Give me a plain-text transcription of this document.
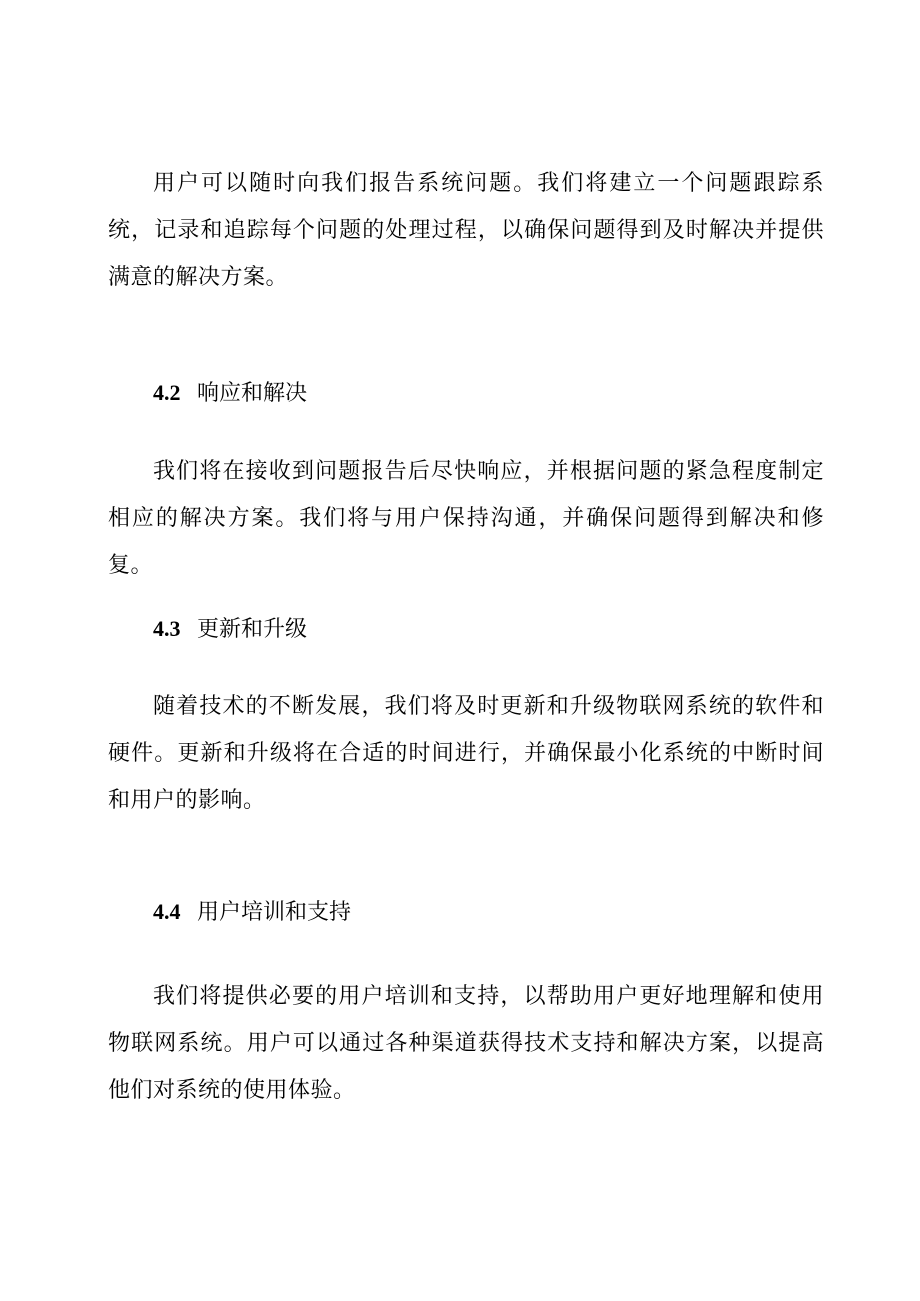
用户可以随时向我们报告系统问题。我们将建立一个问题跟踪系统，记录和追踪每个问题的处理过程，以确保问题得到及时解决并提供满意的解决方案。

4.2 响应和解决

我们将在接收到问题报告后尽快响应，并根据问题的紧急程度制定相应的解决方案。我们将与用户保持沟通，并确保问题得到解决和修复。

4.3 更新和升级

随着技术的不断发展，我们将及时更新和升级物联网系统的软件和硬件。更新和升级将在合适的时间进行，并确保最小化系统的中断时间和用户的影响。

4.4 用户培训和支持

我们将提供必要的用户培训和支持，以帮助用户更好地理解和使用物联网系统。用户可以通过各种渠道获得技术支持和解决方案，以提高他们对系统的使用体验。
